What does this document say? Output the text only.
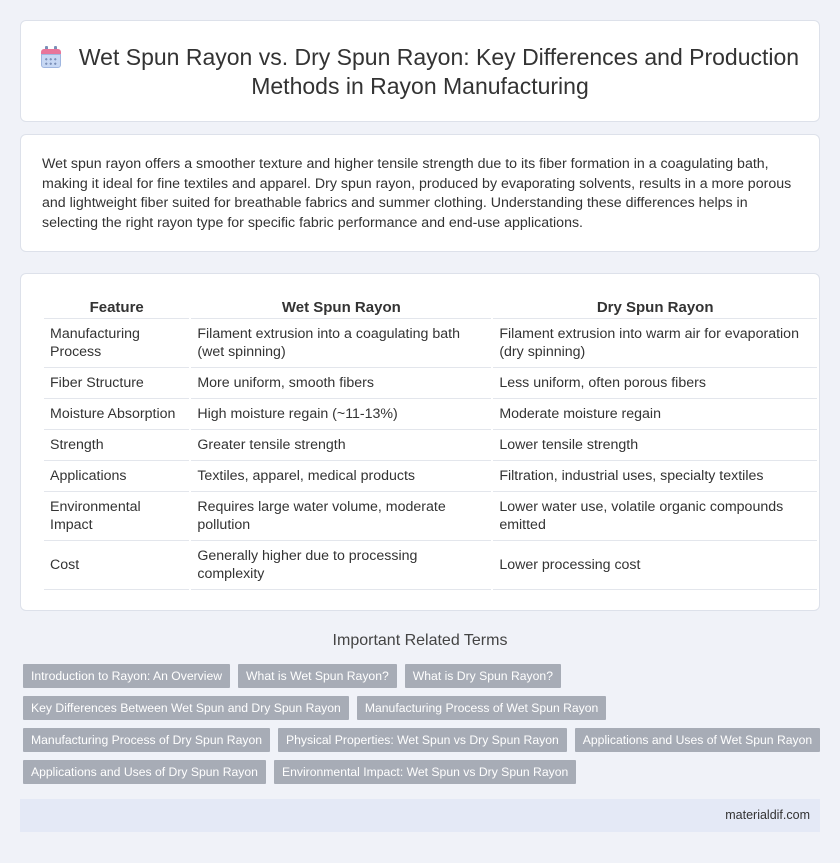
Wet Spun Rayon vs. Dry Spun Rayon: Key Differences and Production Methods in Rayon Manufacturing

Wet spun rayon offers a smoother texture and higher tensile strength due to its fiber formation in a coagulating bath, making it ideal for fine textiles and apparel. Dry spun rayon, produced by evaporating solvents, results in a more porous and lightweight fiber suited for breathable fabrics and summer clothing. Understanding these differences helps in selecting the right rayon type for specific fabric performance and end-use applications.

Feature	Wet Spun Rayon	Dry Spun Rayon
Manufacturing Process	Filament extrusion into a coagulating bath (wet spinning)	Filament extrusion into warm air for evaporation (dry spinning)
Fiber Structure	More uniform, smooth fibers	Less uniform, often porous fibers
Moisture Absorption	High moisture regain (~11-13%)	Moderate moisture regain
Strength	Greater tensile strength	Lower tensile strength
Applications	Textiles, apparel, medical products	Filtration, industrial uses, specialty textiles
Environmental Impact	Requires large water volume, moderate pollution	Lower water use, volatile organic compounds emitted
Cost	Generally higher due to processing complexity	Lower processing cost
Important Related Terms
Introduction to Rayon: An Overview	What is Wet Spun Rayon?	What is Dry Spun Rayon?
Key Differences Between Wet Spun and Dry Spun Rayon	Manufacturing Process of Wet Spun Rayon
Manufacturing Process of Dry Spun Rayon	Physical Properties: Wet Spun vs Dry Spun Rayon	Applications and Uses of Wet Spun Rayon
Applications and Uses of Dry Spun Rayon	Environmental Impact: Wet Spun vs Dry Spun Rayon
materialdif.com
